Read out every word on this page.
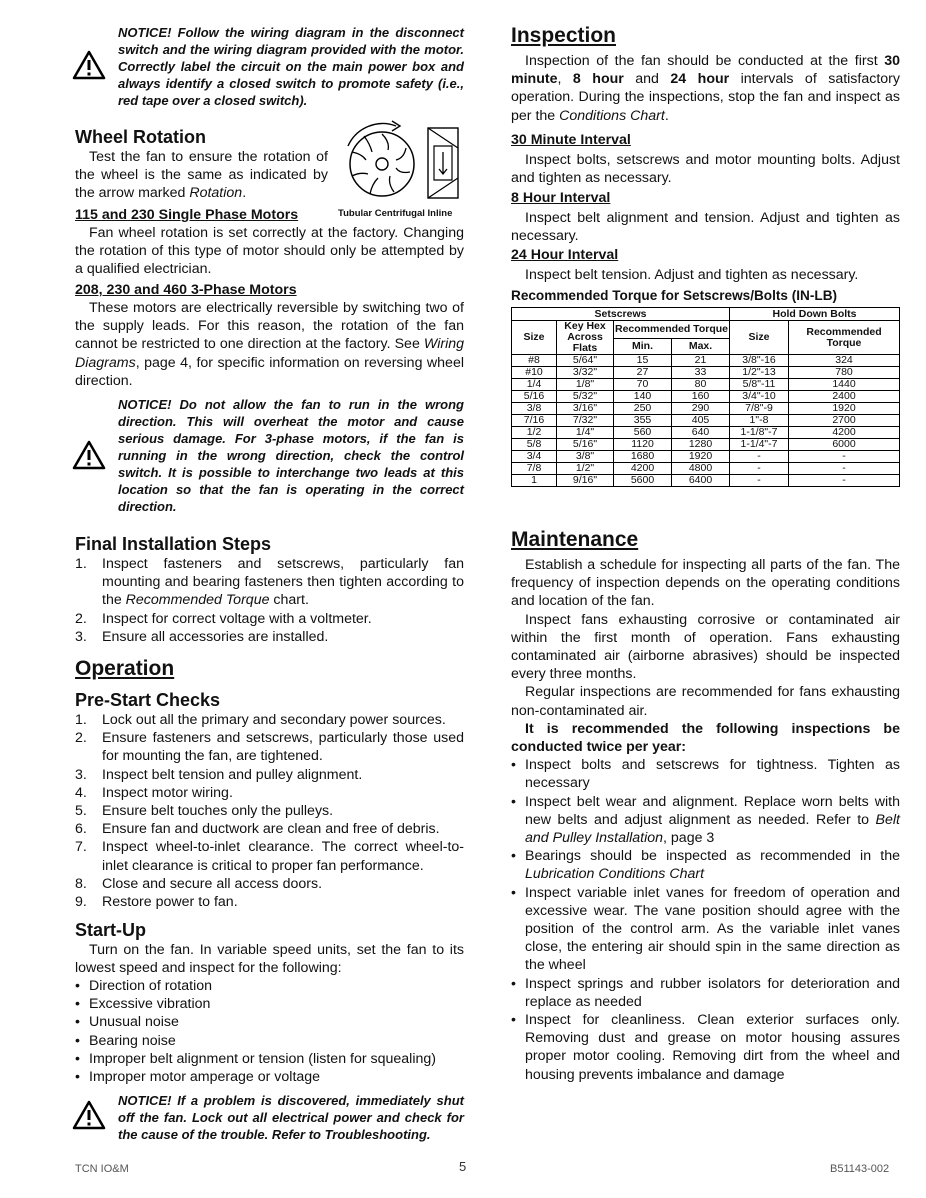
NOTICE! Follow the wiring diagram in the disconnect switch and the wiring diagram provided with the motor. Correctly label the circuit on the main power box and always identify a closed switch to promote safety (i.e., red tape over a closed switch).
NOTICE! Do not allow the fan to run in the wrong direction. This will overheat the motor and cause serious damage. For 3-phase motors, if the fan is running in the wrong direction, check the control switch. It is possible to interchange two leads at this location so that the fan is operating in the correct direction.
NOTICE! If a problem is discovered, immediately shut off the fan. Lock out all electrical power and check for the cause of the trouble. Refer to Troubleshooting.
Wheel Rotation

Test the fan to ensure the rotation of the wheel is the same as indicated by the arrow marked Rotation.

Tubular Centrifugal Inline
115 and 230 Single Phase Motors

Fan wheel rotation is set correctly at the factory. Changing the rotation of this type of motor should only be attempted by a qualified electrician.

208, 230 and 460 3-Phase Motors

These motors are electrically reversible by switching two of the supply leads. For this reason, the rotation of the fan cannot be restricted to one direction at the factory. See Wiring Diagrams, page 4, for specific information on reversing wheel direction.

Final Installation Steps
1. Inspect fasteners and setscrews, particularly fan mounting and bearing fasteners then tighten according to the Recommended Torque chart.
2. Inspect for correct voltage with a voltmeter.
3. Ensure all accessories are installed.
Operation
Pre-Start Checks
1. Lock out all the primary and secondary power sources.
2. Ensure fasteners and setscrews, particularly those used for mounting the fan, are tightened.
3. Inspect belt tension and pulley alignment.
4. Inspect motor wiring.
5. Ensure belt touches only the pulleys.
6. Ensure fan and ductwork are clean and free of debris.
7. Inspect wheel-to-inlet clearance. The correct wheel-to-inlet clearance is critical to proper fan performance.
8. Close and secure all access doors.
9. Restore power to fan.
Start-Up

Turn on the fan. In variable speed units, set the fan to its lowest speed and inspect for the following:

• Direction of rotation
• Excessive vibration
• Unusual noise
• Bearing noise
• Improper belt alignment or tension (listen for squealing)
• Improper motor amperage or voltage
Inspection

Inspection of the fan should be conducted at the first 30 minute, 8 hour and 24 hour intervals of satisfactory operation. During the inspections, stop the fan and inspect as per the Conditions Chart.

30 Minute Interval

Inspect bolts, setscrews and motor mounting bolts. Adjust and tighten as necessary.

8 Hour Interval

Inspect belt alignment and tension. Adjust and tighten as necessary.

24 Hour Interval

Inspect belt tension. Adjust and tighten as necessary.

Recommended Torque for Setscrews/Bolts (IN-LB)
Setscrews				Hold Down Bolts	
Size	Key Hex Across Flats	Recommended Torque		Size	Recommended Torque
		Min.	Max.		
#8	5/64"	15	21	3/8"-16	324
#10	3/32"	27	33	1/2"-13	780
1/4	1/8"	70	80	5/8"-11	1440
5/16	5/32"	140	160	3/4"-10	2400
3/8	3/16"	250	290	7/8"-9	1920
7/16	7/32"	355	405	1"-8	2700
1/2	1/4"	560	640	1-1/8"-7	4200
5/8	5/16"	1120	1280	1-1/4"-7	6000
3/4	3/8"	1680	1920	-	-
7/8	1/2"	4200	4800	-	-
1	9/16"	5600	6400	-	-
Maintenance

Establish a schedule for inspecting all parts of the fan. The frequency of inspection depends on the operating conditions and location of the fan.

Inspect fans exhausting corrosive or contaminated air within the first month of operation. Fans exhausting contaminated air (airborne abrasives) should be inspected every three months.

Regular inspections are recommended for fans exhausting non-contaminated air.

It is recommended the following inspections be conducted twice per year:

• Inspect bolts and setscrews for tightness. Tighten as necessary
• Inspect belt wear and alignment. Replace worn belts with new belts and adjust alignment as needed. Refer to Belt and Pulley Installation, page 3
• Bearings should be inspected as recommended in the Lubrication Conditions Chart
• Inspect variable inlet vanes for freedom of operation and excessive wear. The vane position should agree with the position of the control arm. As the variable inlet vanes close, the entering air should spin in the same direction as the wheel
• Inspect springs and rubber isolators for deterioration and replace as needed
• Inspect for cleanliness. Clean exterior surfaces only. Removing dust and grease on motor housing assures proper motor cooling. Removing dirt from the wheel and housing prevents imbalance and damage
TCN IO&M	5	B51143-002
